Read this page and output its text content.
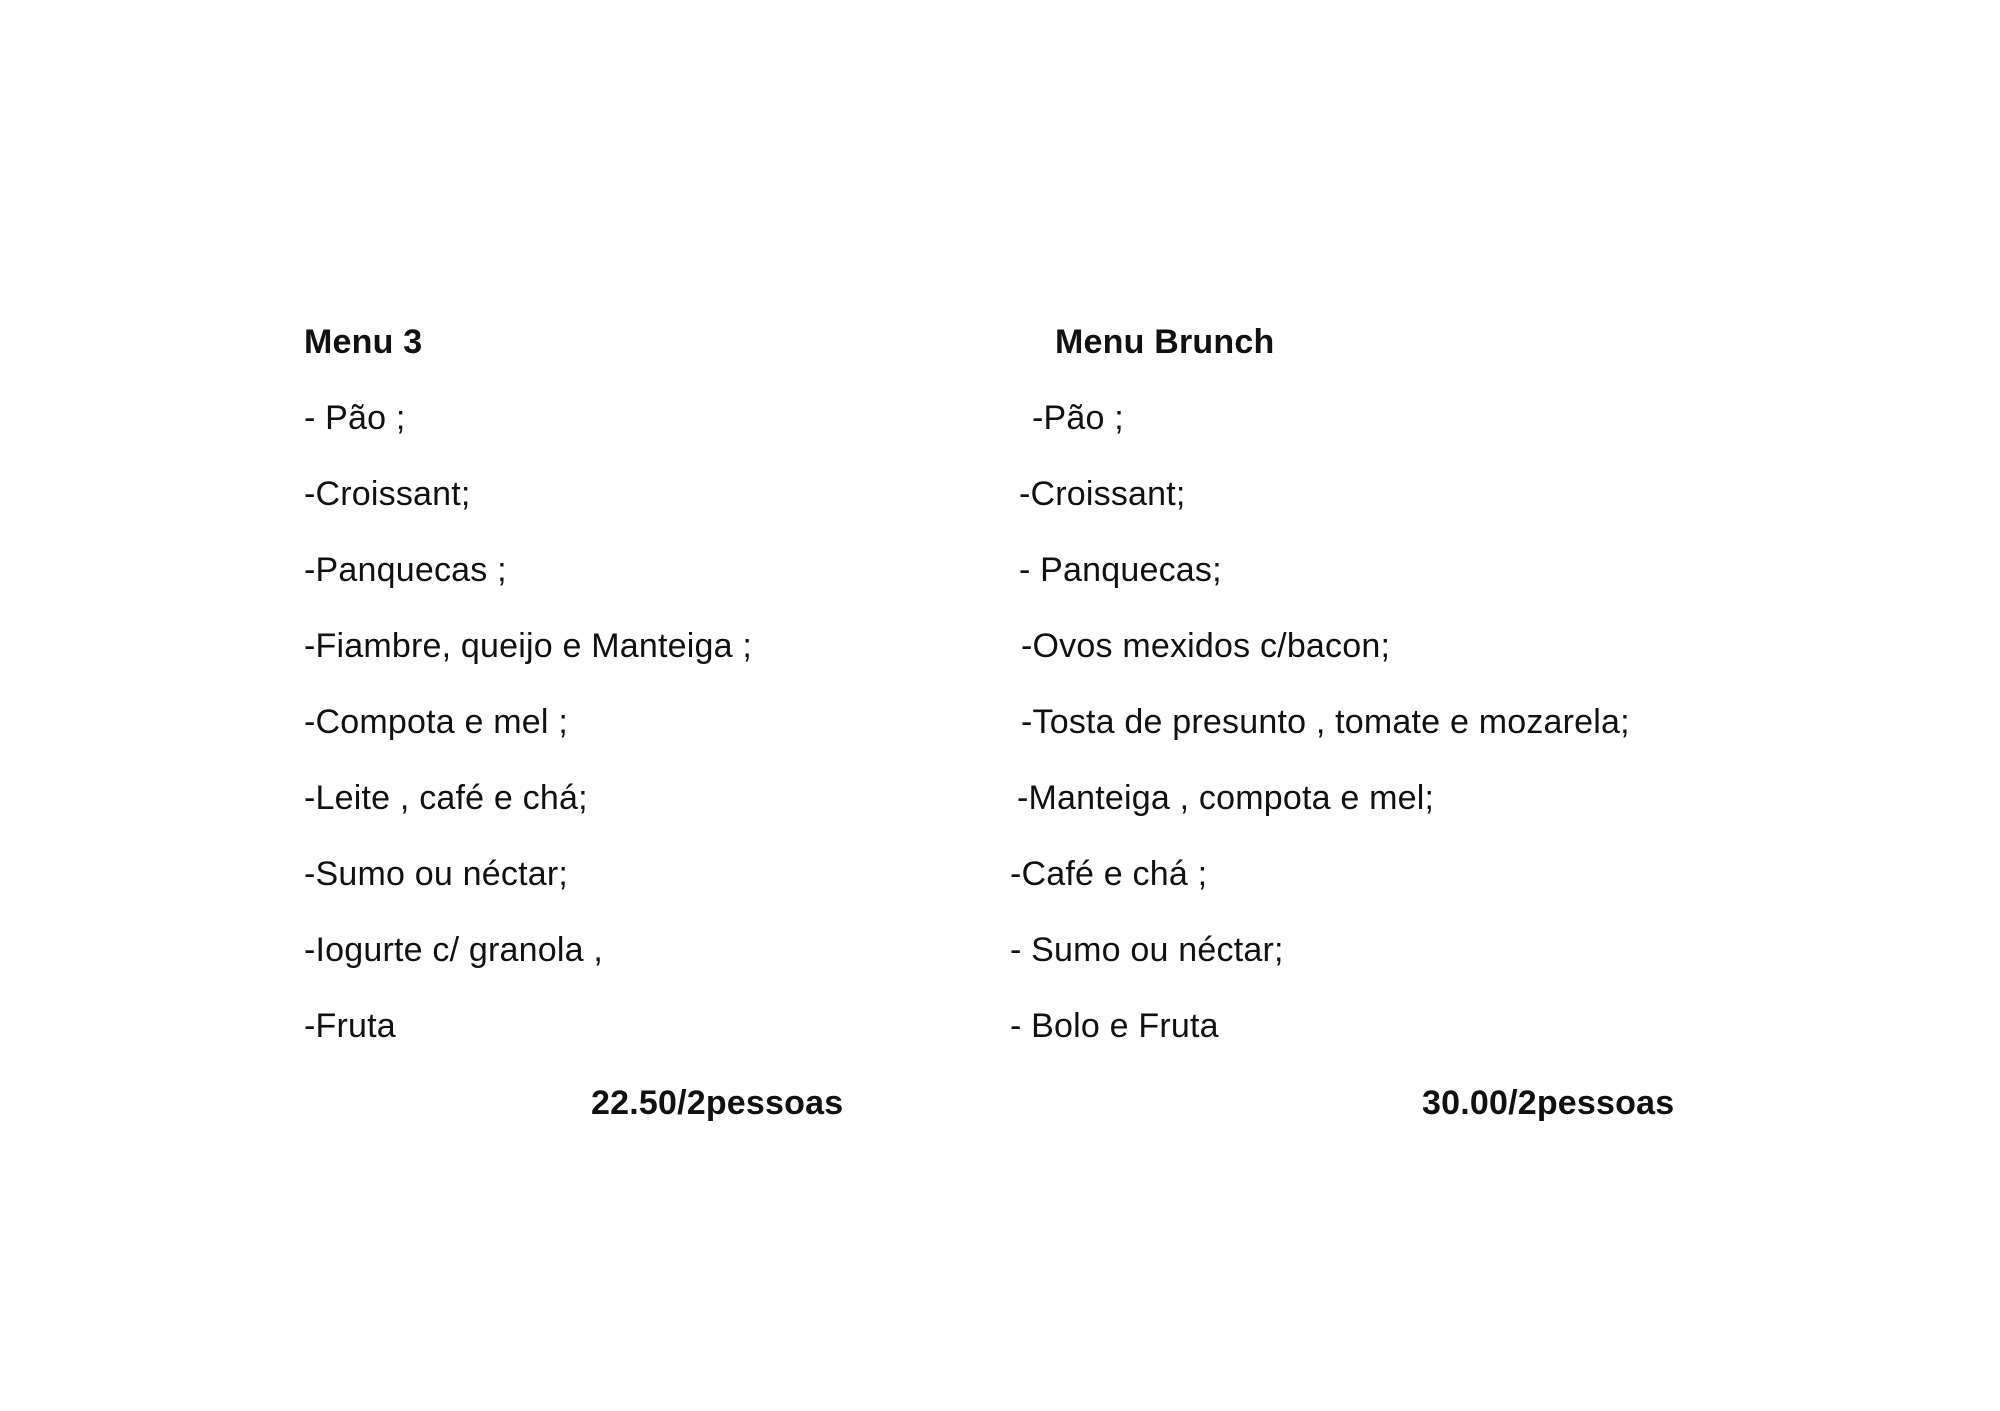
Menu 3
- Pão ;
-Croissant;
-Panquecas ;
-Fiambre, queijo e Manteiga ;
-Compota e mel ;
-Leite , café e chá;
-Sumo ou néctar;
-Iogurte c/ granola ,
-Fruta
22.50/2pessoas
Menu Brunch
-Pão ;
-Croissant;
- Panquecas;
-Ovos mexidos c/bacon;
-Tosta de presunto , tomate e mozarela;
-Manteiga , compota e mel;
-Café e chá ;
- Sumo ou néctar;
- Bolo e Fruta
30.00/2pessoas
